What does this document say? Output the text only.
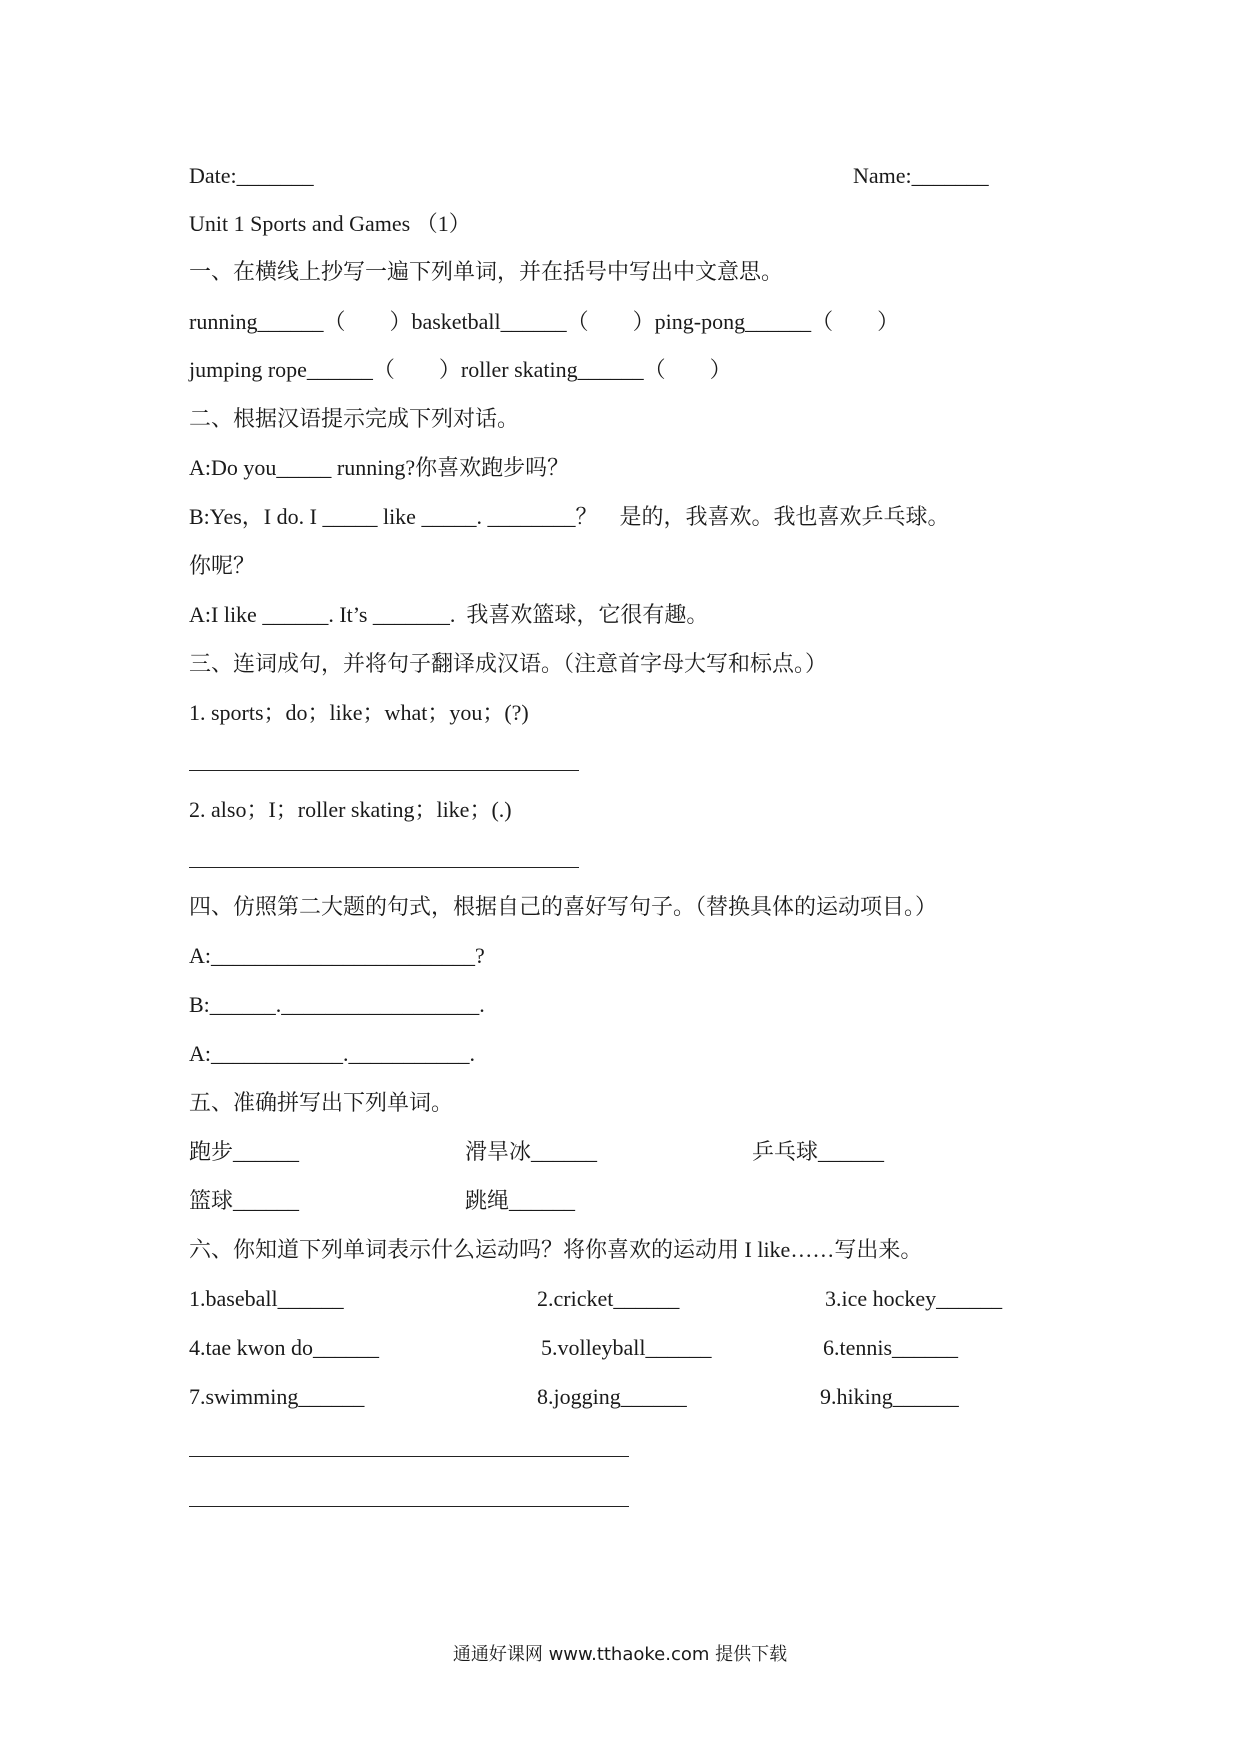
Date:_______	Name:_______
Unit 1 Sports and Games （1）
一、在横线上抄写一遍下列单词，并在括号中写出中文意思。
running______（        ）basketball______（        ）ping-pong______（        ）
jumping rope______（        ）roller skating______（        ）
二、根据汉语提示完成下列对话。
A:Do you_____ running?你喜欢跑步吗？
B:Yes，I do. I _____ like _____. ________？    是的，我喜欢。我也喜欢乒乓球。
你呢？
A:I like ______. It’s _______.  我喜欢篮球，它很有趣。
三、连词成句，并将句子翻译成汉语。（注意首字母大写和标点。）
1. sports；do；like；what；you；(?)
2. also；I；roller skating；like；(.)
四、仿照第二大题的句式，根据自己的喜好写句子。（替换具体的运动项目。）
A:________________________?
B:______.__________________.
A:____________.___________.
五、准确拼写出下列单词。
跑步______	滑旱冰______	乒乓球______
篮球______	跳绳______
六、你知道下列单词表示什么运动吗？将你喜欢的运动用 I like……写出来。
1.baseball______	2.cricket______	3.ice hockey______
4.tae kwon do______	5.volleyball______	6.tennis______
7.swimming______	8.jogging______	9.hiking______
通通好课网 www.tthaoke.com 提供下载
